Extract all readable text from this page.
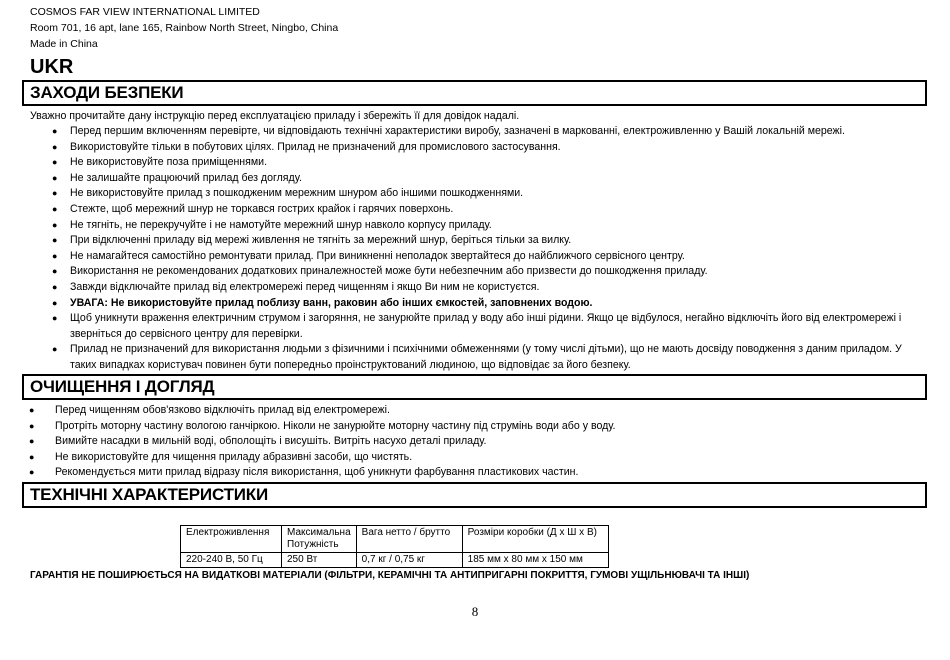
COSMOS FAR VIEW INTERNATIONAL LIMITED
Room 701, 16 apt, lane 165, Rainbow North Street, Ningbo, China
Made in China
UKR
ЗАХОДИ БЕЗПЕКИ
Уважно прочитайте дану інструкцію перед експлуатацією приладу і збережіть її для довідок надалі.
● Перед першим включенням перевірте, чи відповідають технічні характеристики виробу, зазначені в маркованні, електроживленню у Вашій локальній мережі.
● Використовуйте тільки в побутових цілях. Прилад не призначений для промислового застосування.
● Не використовуйте поза приміщеннями.
● Не залишайте працюючий прилад без догляду.
● Не використовуйте прилад з пошкодженим мережним шнуром або іншими пошкодженнями.
● Стежте, щоб мережний шнур не торкався гострих крайок і гарячих поверхонь.
● Не тягніть, не перекручуйте і не намотуйте мережний шнур навколо корпусу приладу.
● При відключенні приладу від мережі живлення не тягніть за мережний шнур, беріться тільки за вилку.
● Не намагайтеся самостійно ремонтувати прилад. При виникненні неполадок звертайтеся до найближчого сервісного центру.
● Використання не рекомендованих додаткових приналежностей може бути небезпечним або призвести до пошкодження приладу.
● Завжди відключайте прилад від електромережі перед чищенням і якщо Ви ним не користуєтся.
● УВАГА: Не використовуйте прилад поблизу ванн, раковин або інших ємкостей, заповнених водою.
● Щоб уникнути враження електричним струмом і загоряння, не занурюйте прилад у воду або інші рідини. Якщо це відбулося, негайно відключіть його від електромережі і зверніться до сервісного центру для перевірки.
● Прилад не призначений для використання людьми з фізичними і психічними обмеженнями (у тому числі дітьми), що не мають досвіду поводження з даним приладом. У таких випадках користувач повинен бути попередньо проінструктований людиною, що відповідає за його безпеку.
ОЧИЩЕННЯ І ДОГЛЯД
● Перед чищенням обов'язково відключіть прилад від електромережі.
● Протріть моторну частину вологою ганчіркою. Ніколи не занурюйте моторну частину під струмінь води або у воду.
● Вимийте насадки в мильній воді, обполощіть і висушіть. Витріть насухо деталі приладу.
● Не використовуйте для чищення приладу абразивні засоби, що чистять.
● Рекомендується мити прилад відразу після використання, щоб уникнути фарбування пластикових частин.
ТЕХНІЧНІ ХАРАКТЕРИСТИКИ
Електроживлення	Максимальна Потужність	Вага нетто / брутто	Розміри коробки (Д х Ш х В)
220-240 В, 50 Гц	250 Вт	0,7 кг / 0,75 кг	185 мм х 80 мм х 150 мм
ГАРАНТІЯ НЕ ПОШИРЮЄТЬСЯ НА ВИДАТКОВІ МАТЕРІАЛИ (ФІЛЬТРИ, КЕРАМІЧНІ ТА АНТИПРИГАРНІ ПОКРИТТЯ, ГУМОВІ УЩІЛЬНЮВАЧІ ТА ІНШІ)
8
